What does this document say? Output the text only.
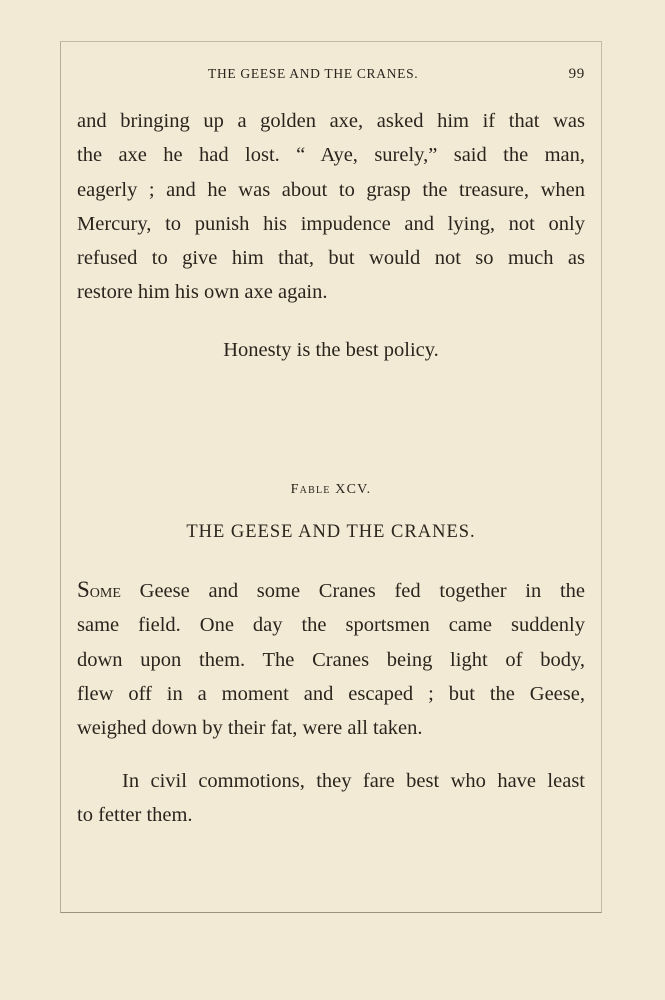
THE GEESE AND THE CRANES.	99
and bringing up a golden axe, asked him if that was
the axe he had lost. “ Aye, surely,” said the man,
eagerly ; and he was about to grasp the treasure, when
Mercury, to punish his impudence and lying, not only
refused to give him that, but would not so much as
restore him his own axe again.

Honesty is the best policy.

Fable XCV.

THE GEESE AND THE CRANES.

Some Geese and some Cranes fed together in the
same field. One day the sportsmen came suddenly
down upon them. The Cranes being light of body,
flew off in a moment and escaped ; but the Geese,
weighed down by their fat, were all taken.
In civil commotions, they fare best who have least
to fetter them.
